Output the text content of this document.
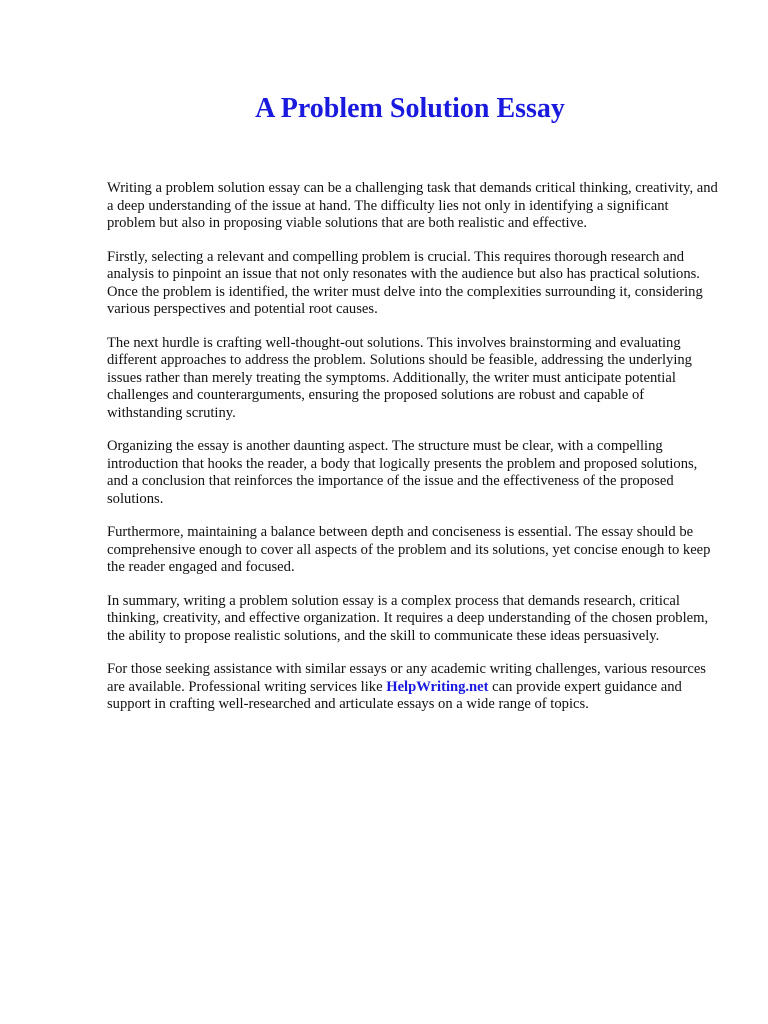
A Problem Solution Essay

Writing a problem solution essay can be a challenging task that demands critical thinking, creativity, and a deep understanding of the issue at hand. The difficulty lies not only in identifying a significant problem but also in proposing viable solutions that are both realistic and effective.

Firstly, selecting a relevant and compelling problem is crucial. This requires thorough research and analysis to pinpoint an issue that not only resonates with the audience but also has practical solutions. Once the problem is identified, the writer must delve into the complexities surrounding it, considering various perspectives and potential root causes.

The next hurdle is crafting well-thought-out solutions. This involves brainstorming and evaluating different approaches to address the problem. Solutions should be feasible, addressing the underlying issues rather than merely treating the symptoms. Additionally, the writer must anticipate potential challenges and counterarguments, ensuring the proposed solutions are robust and capable of withstanding scrutiny.

Organizing the essay is another daunting aspect. The structure must be clear, with a compelling introduction that hooks the reader, a body that logically presents the problem and proposed solutions, and a conclusion that reinforces the importance of the issue and the effectiveness of the proposed solutions.

Furthermore, maintaining a balance between depth and conciseness is essential. The essay should be comprehensive enough to cover all aspects of the problem and its solutions, yet concise enough to keep the reader engaged and focused.

In summary, writing a problem solution essay is a complex process that demands research, critical thinking, creativity, and effective organization. It requires a deep understanding of the chosen problem, the ability to propose realistic solutions, and the skill to communicate these ideas persuasively.

For those seeking assistance with similar essays or any academic writing challenges, various resources are available. Professional writing services like HelpWriting.net can provide expert guidance and support in crafting well-researched and articulate essays on a wide range of topics.
